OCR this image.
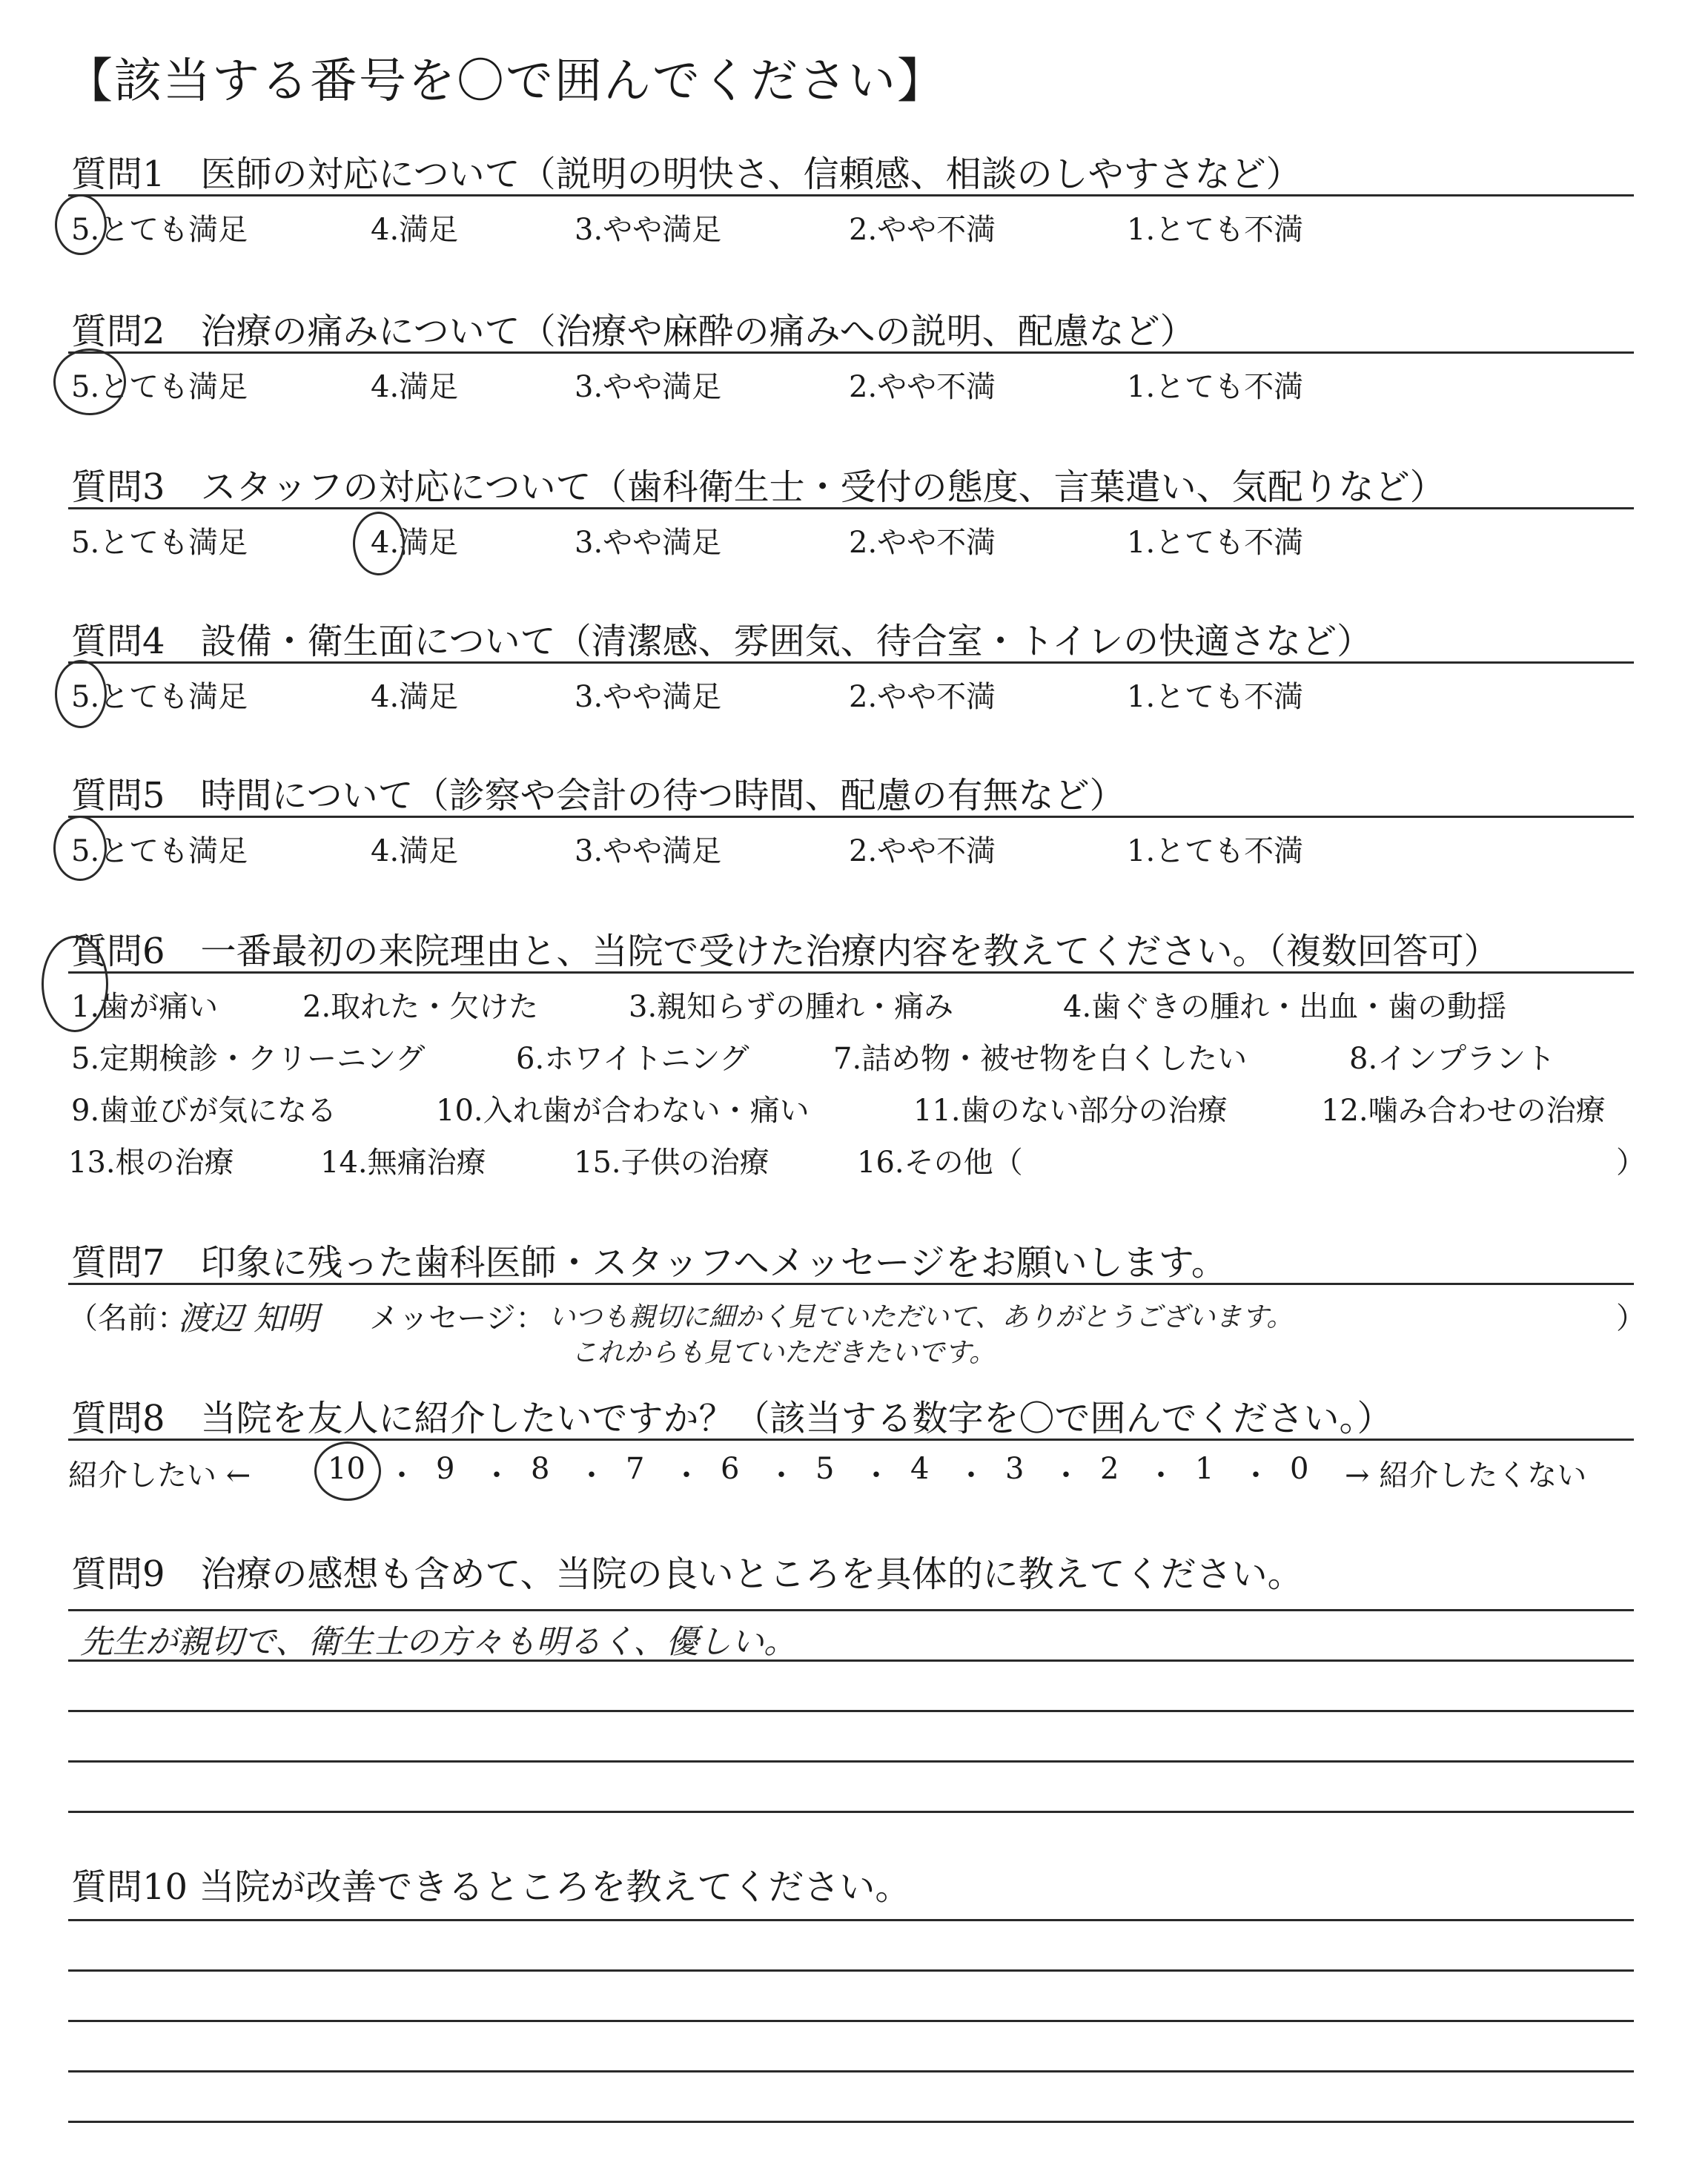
【該当する番号を〇で囲んでください】
質問1　医師の対応について（説明の明快さ、信頼感、相談のしやすさなど）
5.とても満足	4.満足	3.やや満足	2.やや不満	1.とても不満
質問2　治療の痛みについて（治療や麻酔の痛みへの説明、配慮など）
5.とても満足	4.満足	3.やや満足	2.やや不満	1.とても不満
質問3　スタッフの対応について（歯科衛生士・受付の態度、言葉遣い、気配りなど）
5.とても満足	4.満足	3.やや満足	2.やや不満	1.とても不満
質問4　設備・衛生面について（清潔感、雰囲気、待合室・トイレの快適さなど）
5.とても満足	4.満足	3.やや満足	2.やや不満	1.とても不満
質問5　時間について（診察や会計の待つ時間、配慮の有無など）
5.とても満足	4.満足	3.やや満足	2.やや不満	1.とても不満
質問6　一番最初の来院理由と、当院で受けた治療内容を教えてください。（複数回答可）
1.歯が痛い	2.取れた・欠けた	3.親知らずの腫れ・痛み	4.歯ぐきの腫れ・出血・歯の動揺
5.定期検診・クリーニング	6.ホワイトニング	7.詰め物・被せ物を白くしたい	8.インプラント
9.歯並びが気になる	10.入れ歯が合わない・痛い	11.歯のない部分の治療	12.噛み合わせの治療
13.根の治療	14.無痛治療	15.子供の治療	16.その他（	）
質問7　印象に残った歯科医師・スタッフへメッセージをお願いします。
（名前：
渡辺 知明 メッセージ： いつも親切に細かく見ていただいて、ありがとうございます。
これからも見ていただきたいです。
）
質問8　当院を友人に紹介したいですか？（該当する数字を〇で囲んでください。）
紹介したい ←	10 ・ 9 ・ 8 ・ 7 ・ 6 ・ 5 ・ 4 ・ 3 ・ 2 ・ 1 ・ 0 → 紹介したくない
質問9　治療の感想も含めて、当院の良いところを具体的に教えてください。
先生が親切で、衛生士の方々も明るく、優しい。
質問10 当院が改善できるところを教えてください。
